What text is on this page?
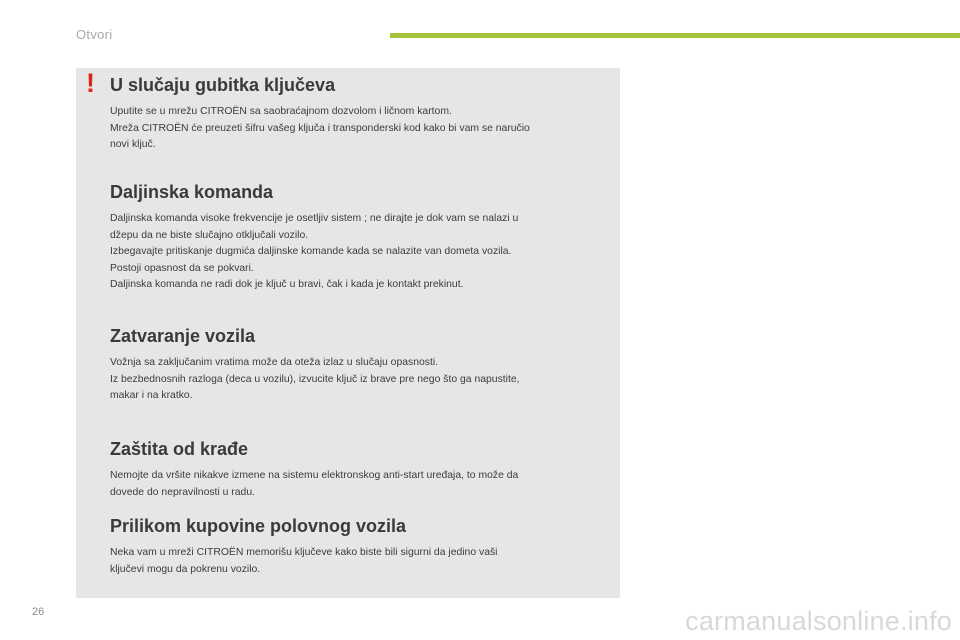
Otvori
! U slučaju gubitka ključeva

Uputite se u mrežu CITROËN sa saobraćajnom dozvolom i ličnom kartom.
Mreža CITROËN će preuzeti šifru vašeg ključa i transponderski kod kako bi vam se naručio
novi ključ.

Daljinska komanda

Daljinska komanda visoke frekvencije je osetljiv sistem ; ne dirajte je dok vam se nalazi u
džepu da ne biste slučajno otključali vozilo.
Izbegavajte pritiskanje dugmića daljinske komande kada se nalazite van dometa vozila.
Postoji opasnost da se pokvari.
Daljinska komanda ne radi dok je ključ u bravi, čak i kada je kontakt prekinut.

Zatvaranje vozila

Vožnja sa zaključanim vratima može da oteža izlaz u slučaju opasnosti.
Iz bezbednosnih razloga (deca u vozilu), izvucite ključ iz brave pre nego što ga napustite,
makar i na kratko.

Zaštita od krađe

Nemojte da vršite nikakve izmene na sistemu elektronskog anti-start uređaja, to može da
dovede do nepravilnosti u radu.

Prilikom kupovine polovnog vozila

Neka vam u mreži CITROËN memorišu ključeve kako biste bili sigurni da jedino vaši
ključevi mogu da pokrenu vozilo.

26	carmanualsonline.info
